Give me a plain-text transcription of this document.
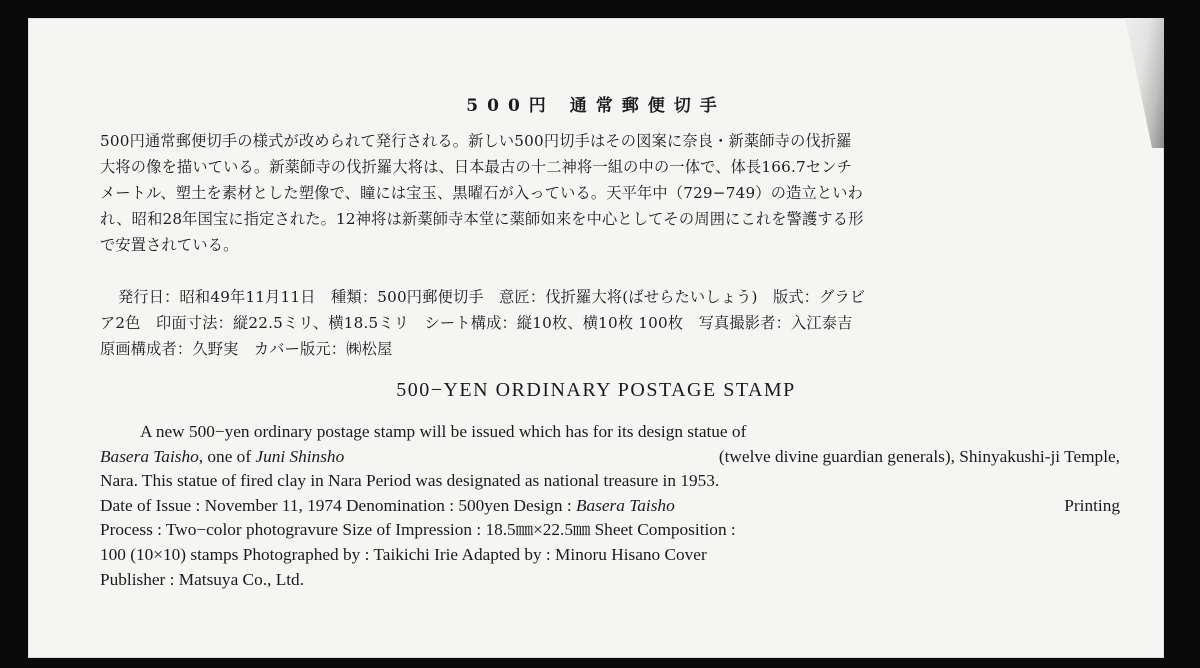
500円 通常郵便切手
500円通常郵便切手の様式が改められて発行される。新しい500円切手はその図案に奈良・新薬師寺の伐折羅
大将の像を描いている。新薬師寺の伐折羅大将は、日本最古の十二神将一組の中の一体で、体長166.7センチ
メートル、塑土を素材とした塑像で、瞳には宝玉、黒曜石が入っている。天平年中（729−749）の造立といわ
れ、昭和28年国宝に指定された。12神将は新薬師寺本堂に薬師如来を中心としてその周囲にこれを警護する形
で安置されている。
発行日：昭和49年11月11日　種類：500円郵便切手　意匠：伐折羅大将(ばせらたいしょう)　版式：グラビ
ア2色　印面寸法：縦22.5ミリ、横18.5ミリ　シート構成：縦10枚、横10枚 100枚　写真撮影者：入江泰吉
原画構成者：久野実　カバー版元：㈱松屋
500−YEN ORDINARY POSTAGE STAMP
A new 500−yen ordinary postage stamp will be issued which has for its design statue of
Basera Taisho, one of Juni Shinsho	(twelve divine guardian generals), Shinyakushi-ji Temple,
Nara. This statue of fired clay in Nara Period was designated as national treasure in 1953.
Date of Issue : November 11, 1974 Denomination : 500yen Design : Basera Taisho	Printing
Process : Two−color photogravure Size of Impression : 18.5㎜×22.5㎜ Sheet Composition :
100 (10×10) stamps Photographed by : Taikichi Irie Adapted by : Minoru Hisano Cover
Publisher : Matsuya Co., Ltd.
